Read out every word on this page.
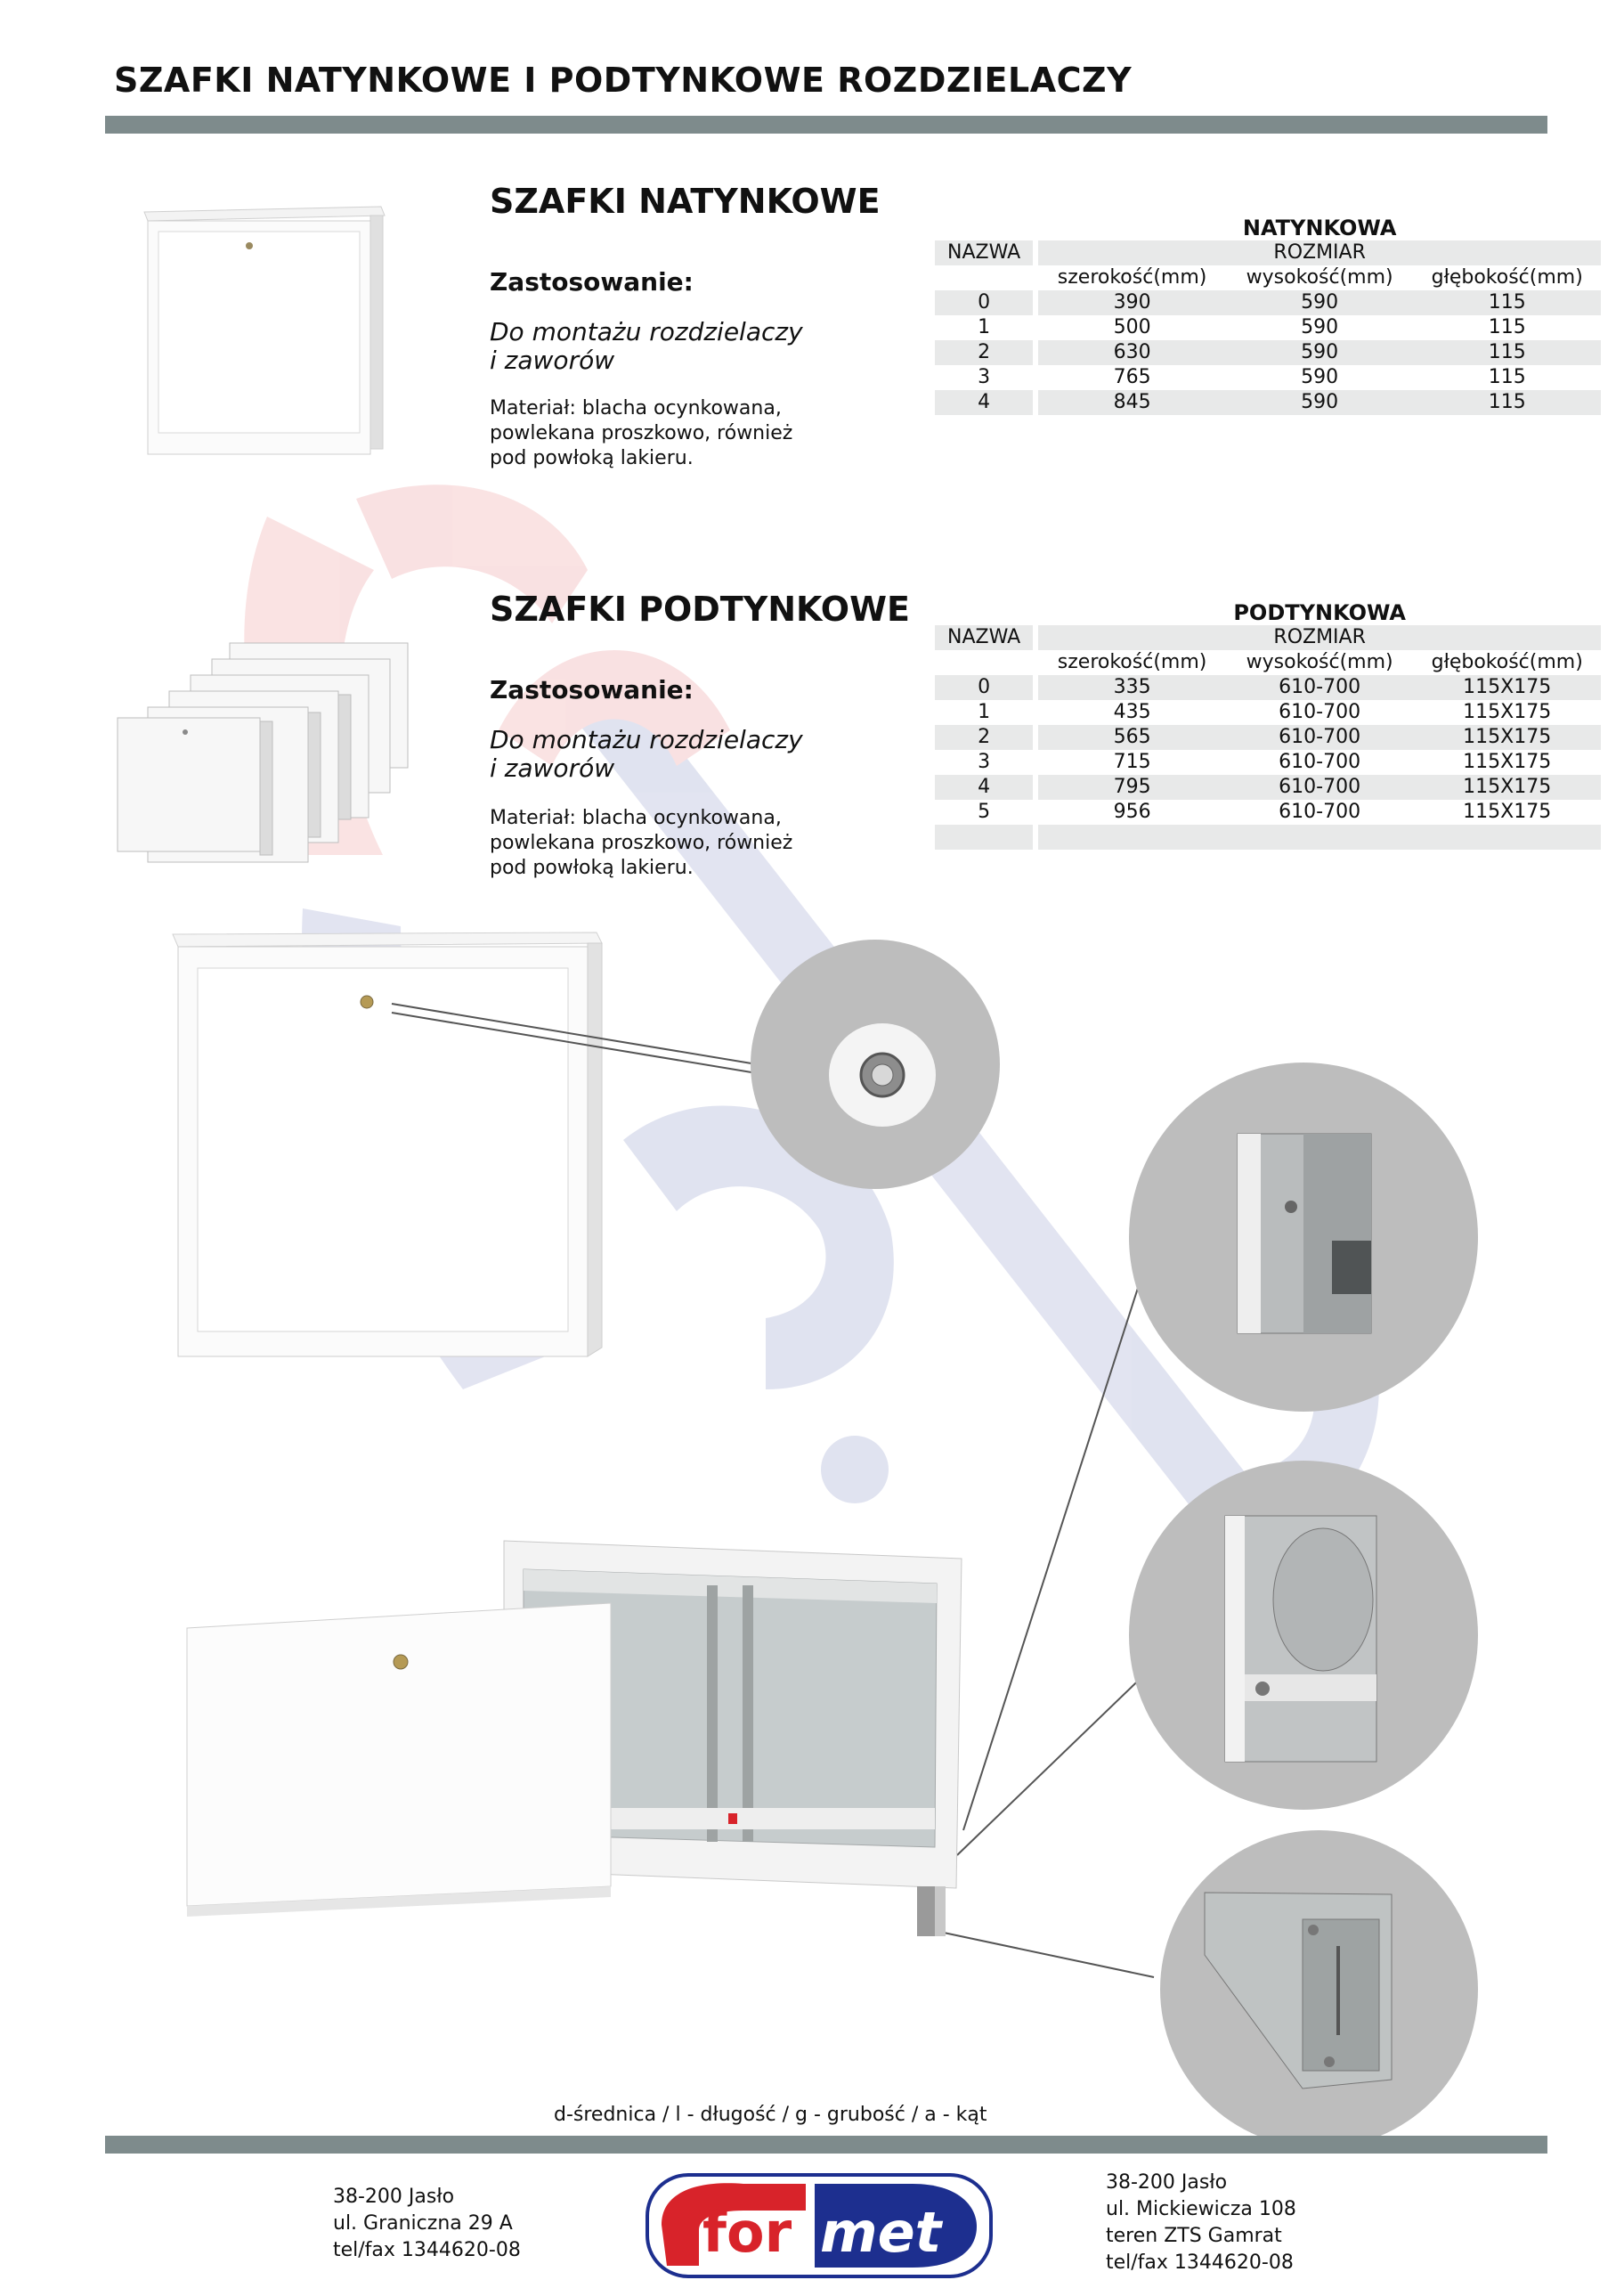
SZAFKI NATYNKOWE I PODTYNKOWE ROZDZIELACZY
SZAFKI NATYNKOWE
Zastosowanie:
Do montażu rozdzielaczy
i zaworów
Materiał: blacha ocynkowana,
powlekana proszkowo, również
pod powłoką lakieru.
		NATYNKOWA		
NAZWA		ROZMIAR		
		szerokość(mm)	wysokość(mm)	głębokość(mm)
0		390	590	115
1		500	590	115
2		630	590	115
3		765	590	115
4		845	590	115
SZAFKI PODTYNKOWE
Zastosowanie:
Do montażu rozdzielaczy
i zaworów
Materiał: blacha ocynkowana,
powlekana proszkowo, również
pod powłoką lakieru.
		PODTYNKOWA		
NAZWA		ROZMIAR		
		szerokość(mm)	wysokość(mm)	głębokość(mm)
0		335	610-700	115X175
1		435	610-700	115X175
2		565	610-700	115X175
3		715	610-700	115X175
4		795	610-700	115X175
5		956	610-700	115X175

d-średnica / l - długość / g - grubość / a - kąt
38-200 Jasło
ul. Graniczna 29 A
tel/fax 1344620-08	for met
38-200 Jasło
ul. Mickiewicza 108
teren ZTS Gamrat
tel/fax 1344620-08
